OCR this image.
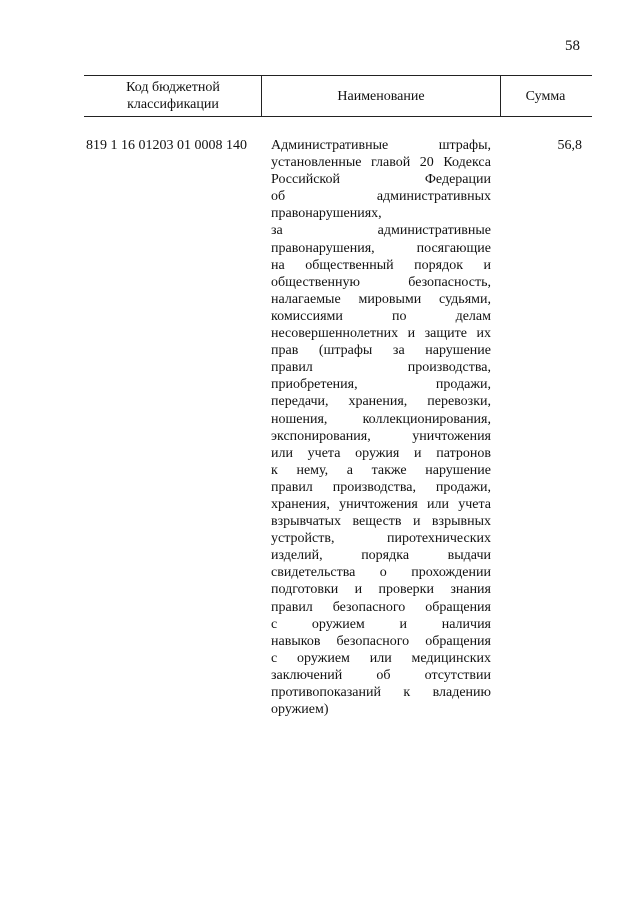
58
Код бюджетной классификации
Наименование	Сумма
819 1 16 01203 01 0008 140	Административные штрафы,
установленные главой 20 Кодекса
Российской Федерации
об административных
правонарушениях,
за административные
правонарушения, посягающие
на общественный порядок и
общественную безопасность,
налагаемые мировыми судьями,
комиссиями по делам
несовершеннолетних и защите их
прав (штрафы за нарушение
правил производства,
приобретения, продажи,
передачи, хранения, перевозки,
ношения, коллекционирования,
экспонирования, уничтожения
или учета оружия и патронов
к нему, а также нарушение
правил производства, продажи,
хранения, уничтожения или учета
взрывчатых веществ и взрывных
устройств, пиротехнических
изделий, порядка выдачи
свидетельства о прохождении
подготовки и проверки знания
правил безопасного обращения
с оружием и наличия
навыков безопасного обращения
с оружием или медицинских
заключений об отсутствии
противопоказаний к владению
оружием)
56,8
